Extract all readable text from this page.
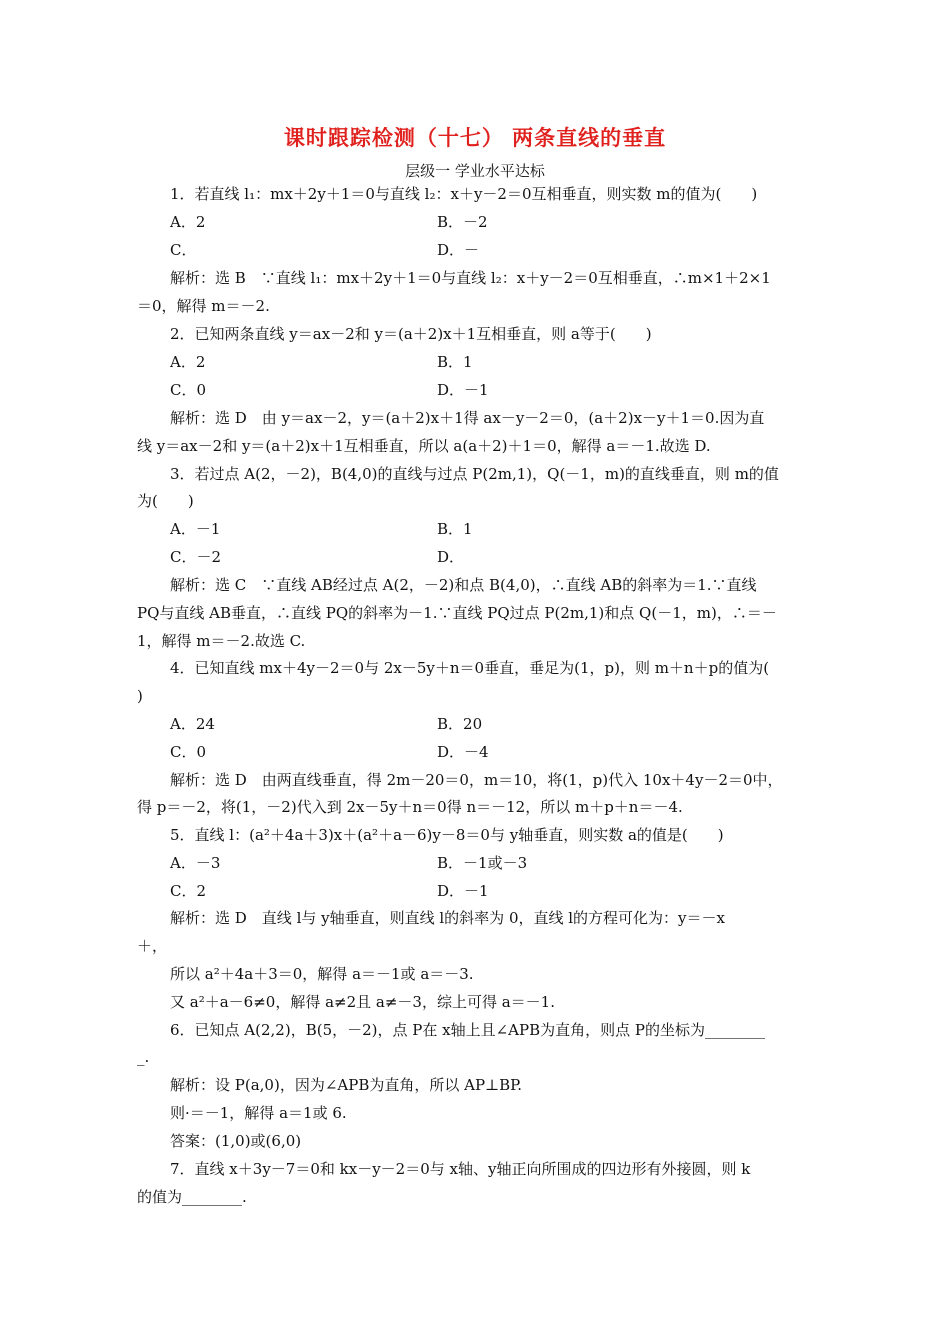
课时跟踪检测（十七） 两条直线的垂直
层级一 学业水平达标
1．若直线 l₁：mx＋2y＋1＝0与直线 l₂：x＋y－2＝0互相垂直，则实数 m的值为(　　)
A．2	B．－2
C．	D．－
解析：选 B　∵直线 l₁：mx＋2y＋1＝0与直线 l₂：x＋y－2＝0互相垂直，∴m×1＋2×1
＝0，解得 m＝－2.
2．已知两条直线 y＝ax－2和 y＝(a＋2)x＋1互相垂直，则 a等于(　　)
A．2	B．1
C．0	D．－1
解析：选 D　由 y＝ax－2，y＝(a＋2)x＋1得 ax－y－2＝0，(a＋2)x－y＋1＝0.因为直
线 y＝ax－2和 y＝(a＋2)x＋1互相垂直，所以 a(a＋2)＋1＝0，解得 a＝－1.故选 D.
3．若过点 A(2，－2)，B(4,0)的直线与过点 P(2m,1)，Q(－1，m)的直线垂直，则 m的值
为(　　)
A．－1	B．1
C．－2	D．
解析：选 C　∵直线 AB经过点 A(2，－2)和点 B(4,0)，∴直线 AB的斜率为＝1.∵直线
PQ与直线 AB垂直，∴直线 PQ的斜率为－1.∵直线 PQ过点 P(2m,1)和点 Q(－1，m)，∴＝－
1，解得 m＝－2.故选 C.
4．已知直线 mx＋4y－2＝0与 2x－5y＋n＝0垂直，垂足为(1，p)，则 m＋n＋p的值为(
)
A．24	B．20
C．0	D．－4
解析：选 D　由两直线垂直，得 2m－20＝0，m＝10，将(1，p)代入 10x＋4y－2＝0中，
得 p＝－2，将(1，－2)代入到 2x－5y＋n＝0得 n＝－12，所以 m＋p＋n＝－4.
5．直线 l：(a²＋4a＋3)x＋(a²＋a－6)y－8＝0与 y轴垂直，则实数 a的值是(　　)
A．－3	B．－1或－3
C．2	D．－1
解析：选 D　直线 l与 y轴垂直，则直线 l的斜率为 0，直线 l的方程可化为：y＝－x
＋，
所以 a²＋4a＋3＝0，解得 a＝－1或 a＝－3.
又 a²＋a－6≠0，解得 a≠2且 a≠－3，综上可得 a＝－1.
6．已知点 A(2,2)，B(5，－2)，点 P在 x轴上且∠APB为直角，则点 P的坐标为________
_.
解析：设 P(a,0)，因为∠APB为直角，所以 AP⊥BP.
则·＝－1，解得 a＝1或 6.
答案：(1,0)或(6,0)
7．直线 x＋3y－7＝0和 kx－y－2＝0与 x轴、y轴正向所围成的四边形有外接圆，则 k
的值为________.
